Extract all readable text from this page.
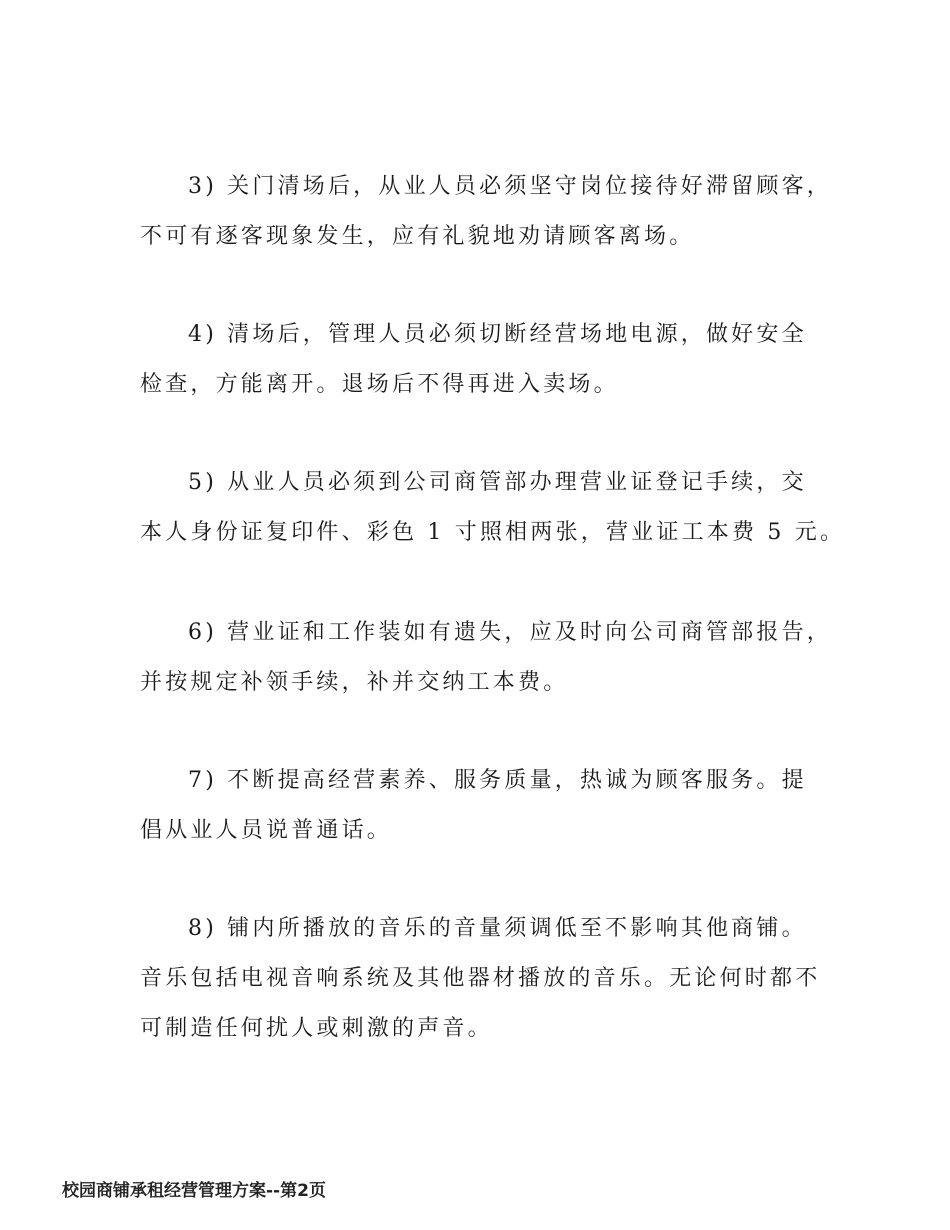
3) 关门清场后，从业人员必须坚守岗位接待好滞留顾客，
不可有逐客现象发生，应有礼貌地劝请顾客离场。
4) 清场后，管理人员必须切断经营场地电源，做好安全
检查，方能离开。退场后不得再进入卖场。
5) 从业人员必须到公司商管部办理营业证登记手续，交
本人身份证复印件、彩色 1 寸照相两张，营业证工本费 5 元。
6) 营业证和工作装如有遗失，应及时向公司商管部报告，
并按规定补领手续，补并交纳工本费。
7) 不断提高经营素养、服务质量，热诚为顾客服务。提
倡从业人员说普通话。
8) 铺内所播放的音乐的音量须调低至不影响其他商铺。
音乐包括电视音响系统及其他器材播放的音乐。无论何时都不
可制造任何扰人或刺激的声音。
校园商铺承租经营管理方案--第2页
